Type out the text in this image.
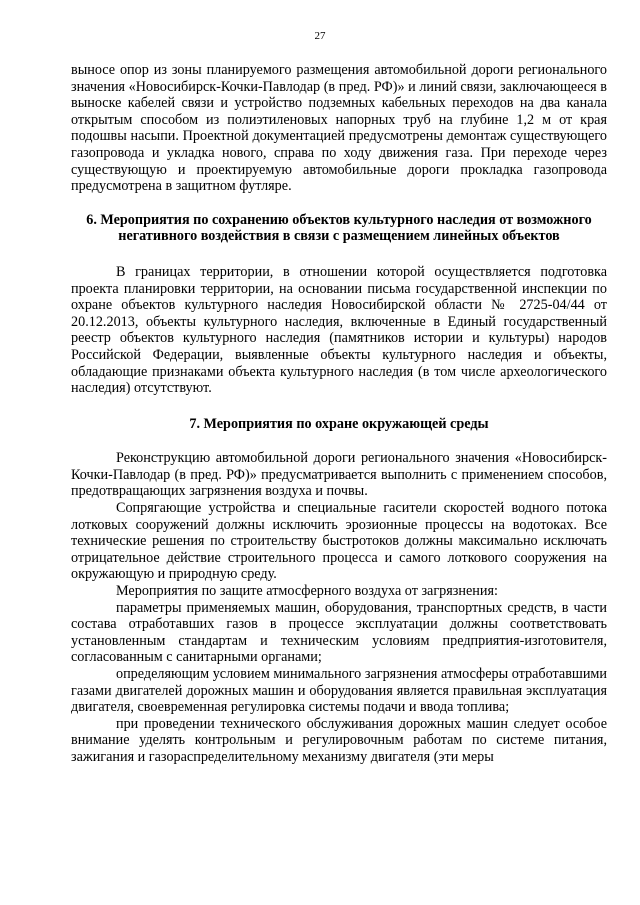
27

выносе опор из зоны планируемого размещения автомобильной дороги регионального значения «Новосибирск-Кочки-Павлодар (в пред. РФ)» и линий связи, заключающееся в выноске кабелей связи и устройство подземных кабельных переходов на два канала открытым способом из полиэтиленовых напорных труб на глубине 1,2 м от края подошвы насыпи. Проектной документацией предусмотрены демонтаж существующего газопровода и укладка нового, справа по ходу движения газа. При переходе через существующую и проектируемую автомобильные дороги прокладка газопровода предусмотрена в защитном футляре.

6. Мероприятия по сохранению объектов культурного наследия от возможного негативного воздействия в связи с размещением линейных объектов

В границах территории, в отношении которой осуществляется подготовка проекта планировки территории, на основании письма государственной инспекции по охране объектов культурного наследия Новосибирской области № 2725-04/44 от 20.12.2013, объекты культурного наследия, включенные в Единый государственный реестр объектов культурного наследия (памятников истории и культуры) народов Российской Федерации, выявленные объекты культурного наследия и объекты, обладающие признаками объекта культурного наследия (в том числе археологического наследия) отсутствуют.

7. Мероприятия по охране окружающей среды

Реконструкцию автомобильной дороги регионального значения «Новосибирск-Кочки-Павлодар (в пред. РФ)» предусматривается выполнить с применением способов, предотвращающих загрязнения воздуха и почвы.

Сопрягающие устройства и специальные гасители скоростей водного потока лотковых сооружений должны исключить эрозионные процессы на водотоках. Все технические решения по строительству быстротоков должны максимально исключать отрицательное действие строительного процесса и самого лоткового сооружения на окружающую и природную среду.

Мероприятия по защите атмосферного воздуха от загрязнения:

параметры применяемых машин, оборудования, транспортных средств, в части состава отработавших газов в процессе эксплуатации должны соответствовать установленным стандартам и техническим условиям предприятия-изготовителя, согласованным с санитарными органами;

определяющим условием минимального загрязнения атмосферы отработавшими газами двигателей дорожных машин и оборудования является правильная эксплуатация двигателя, своевременная регулировка системы подачи и ввода топлива;

при проведении технического обслуживания дорожных машин следует особое внимание уделять контрольным и регулировочным работам по системе питания, зажигания и газораспределительному механизму двигателя (эти меры
